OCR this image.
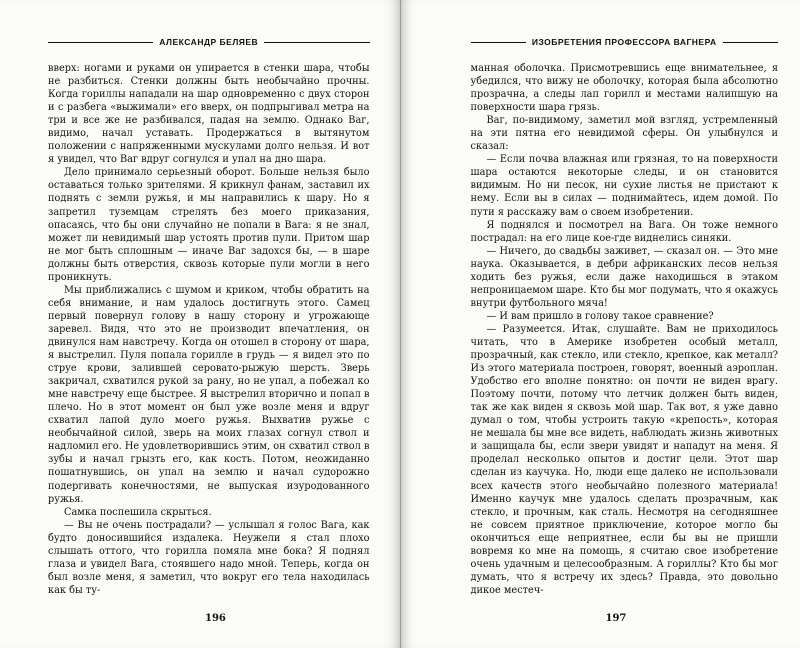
АЛЕКСАНДР БЕЛЯЕВ

вверх: ногами и руками он упирается в стенки шара, чтобы не разбиться. Стенки должны быть необычайно прочны. Когда гориллы нападали на шар одновременно с двух сторон и с разбега «выжимали» его вверх, он подпрыгивал метра на три и все же не разбивался, падая на землю. Однако Ваг, видимо, начал уставать. Продержаться в вытянутом положении с напряженными мускулами долго нельзя. И вот я увидел, что Ваг вдруг согнулся и упал на дно шара.

Дело принимало серьезный оборот. Больше нельзя было оставаться только зрителями. Я крикнул фанам, заставил их поднять с земли ружья, и мы направились к шару. Но я запретил туземцам стрелять без моего приказания, опасаясь, что бы они случайно не попали в Вага: я не знал, может ли невидимый шар устоять против пули. Притом шар не мог быть сплошным — иначе Ваг задохся бы, — в шаре должны быть отверстия, сквозь которые пули могли в него проникнуть.

Мы приближались с шумом и криком, чтобы обратить на себя внимание, и нам удалось достигнуть этого. Самец первый повернул голову в нашу сторону и угрожающе заревел. Видя, что это не производит впечатления, он двинулся нам навстречу. Когда он отошел в сторону от шара, я выстрелил. Пуля попала горилле в грудь — я видел это по струе крови, залившей серовато-рыжую шерсть. Зверь закричал, схватился рукой за рану, но не упал, а побежал ко мне навстречу еще быстрее. Я выстрелил вторично и попал в плечо. Но в этот момент он был уже возле меня и вдруг схватил лапой дуло моего ружья. Выхватив ружье с необычайной силой, зверь на моих глазах согнул ствол и надломил его. Не удовлетворившись этим, он схватил ствол в зубы и начал грызть его, как кость. Потом, неожиданно пошатнувшись, он упал на землю и начал судорожно подергивать конечностями, не выпуская изуродованного ружья.

Самка поспешила скрыться.

— Вы не очень пострадали? — услышал я голос Вага, как будто доносившийся издалека. Неужели я стал плохо слышать оттого, что горилла помяла мне бока? Я поднял глаза и увидел Вага, стоявшего надо мной. Теперь, когда он был возле меня, я заметил, что вокруг его тела находилась как бы ту-

196
ИЗОБРЕТЕНИЯ ПРОФЕССОРА ВАГНЕРА

манная оболочка. Присмотревшись еще внимательнее, я убедился, что вижу не оболочку, которая была абсолютно прозрачна, а следы лап горилл и местами налипшую на поверхности шара грязь.

Ваг, по-видимому, заметил мой взгляд, устремленный на эти пятна его невидимой сферы. Он улыбнулся и сказал:

— Если почва влажная или грязная, то на поверхности шара остаются некоторые следы, и он становится видимым. Но ни песок, ни сухие листья не пристают к нему. Если вы в силах — поднимайтесь, идем домой. По пути я расскажу вам о своем изобретении.

Я поднялся и посмотрел на Вага. Он тоже немного пострадал: на его лице кое-где виднелись синяки.

— Ничего, до свадьбы заживет, — сказал он. — Это мне наука. Оказывается, в дебри африканских лесов нельзя ходить без ружья, если даже находишься в этаком непроницаемом шаре. Кто бы мог подумать, что я окажусь внутри футбольного мяча!

— И вам пришло в голову такое сравнение?

— Разумеется. Итак, слушайте. Вам не приходилось читать, что в Америке изобретен особый металл, прозрачный, как стекло, или стекло, крепкое, как металл? Из этого материала построен, говорят, военный аэроплан. Удобство его вполне понятно: он почти не виден врагу. Поэтому почти, потому что летчик должен быть виден, так же как виден я сквозь мой шар. Так вот, я уже давно думал о том, чтобы устроить такую «крепость», которая не мешала бы мне все видеть, наблюдать жизнь животных и защищала бы, если звери увидят и нападут на меня. Я проделал несколько опытов и достиг цели. Этот шар сделан из каучука. Но, люди еще далеко не использовали всех качеств этого необычайно полезного материала! Именно каучук мне удалось сделать прозрачным, как стекло, и прочным, как сталь. Несмотря на сегодняшнее не совсем приятное приключение, которое могло бы окончиться еще неприятнее, если бы вы не пришли вовремя ко мне на помощь, я считаю свое изобретение очень удачным и целесообразным. А гориллы? Кто бы мог думать, что я встречу их здесь? Правда, это довольно дикое местеч-

197
